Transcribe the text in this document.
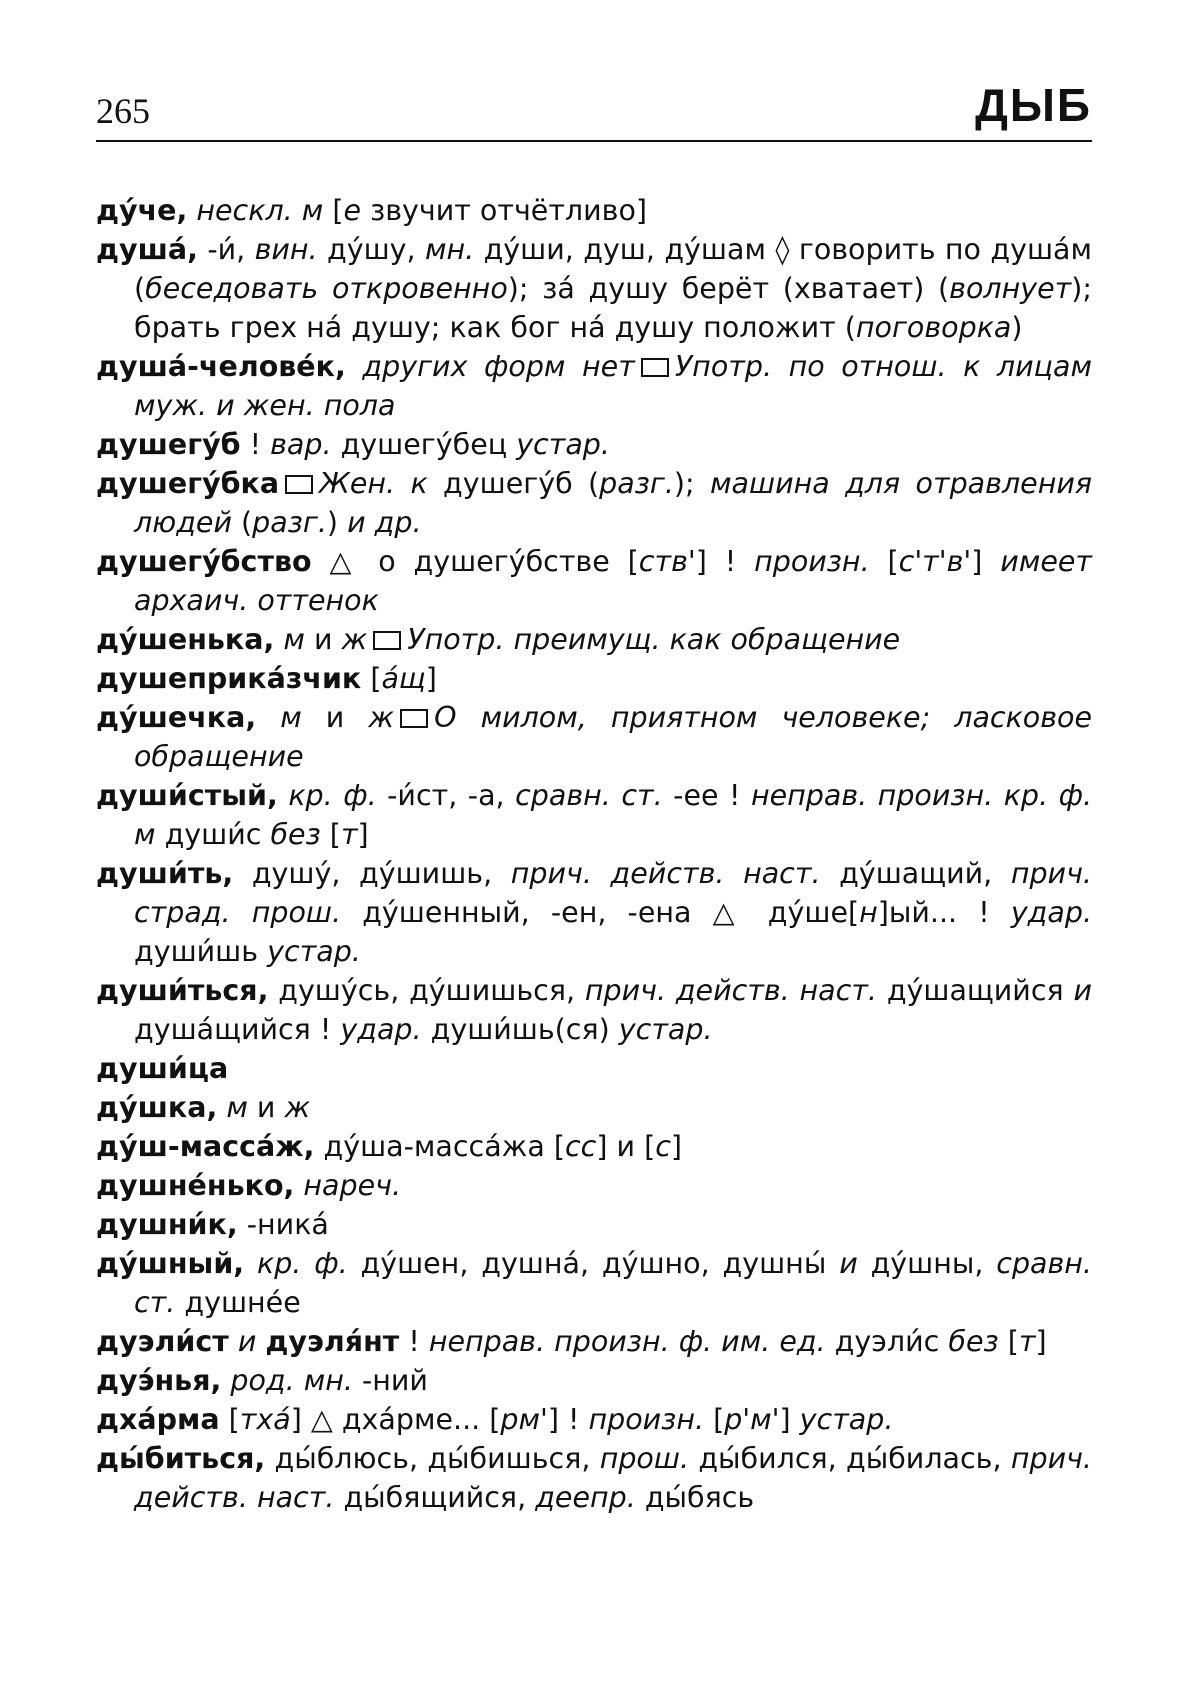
265	ДЫБ

ду́че, нескл. м [е звучит отчётливо]

душа́, -и́, вин. ду́шу, мн. ду́ши, душ, ду́шам ◊ говорить по душа́м (беседовать откровенно); за́ душу берёт (хватает) (волнует); брать грех на́ душу; как бог на́ душу положит (поговорка)

душа́-челове́к, других форм нет Употр. по отнош. к лицам муж. и жен. пола

душегу́б ! вар. душегу́бец устар.

душегу́бка Жен. к душегу́б (разг.); машина для отравления людей (разг.) и др.

душегу́бство △ о душегу́бстве [ств'] ! произн. [с'т'в'] имеет архаич. оттенок

ду́шенька, м и ж Употр. преимущ. как обращение

душеприка́зчик [а́щ]

ду́шечка, м и ж О милом, приятном человеке; ласковое обращение

души́стый, кр. ф. -и́ст, -а, сравн. ст. -ее ! неправ. произн. кр. ф. м души́с без [т]

души́ть, душу́, ду́шишь, прич. действ. наст. ду́шащий, прич. страд. прош. ду́шенный, -ен, -ена △ ду́ше[н]ый... ! удар. души́шь устар.

души́ться, душу́сь, ду́шишься, прич. действ. наст. ду́шащийся и душа́щийся ! удар. души́шь(ся) устар.

души́ца

ду́шка, м и ж

ду́ш-масса́ж, ду́ша-масса́жа [сс] и [с]

душне́нько, нареч.

душни́к, -ника́

ду́шный, кр. ф. ду́шен, душна́, ду́шно, душны́ и ду́шны, сравн. ст. душне́е

дуэли́ст и дуэля́нт ! неправ. произн. ф. им. ед. дуэли́с без [т]

дуэ́нья, род. мн. -ний

дха́рма [тха́] △ дха́рме... [рм'] ! произн. [р'м'] устар.

ды́биться, ды́блюсь, ды́бишься, прош. ды́бился, ды́билась, прич. действ. наст. ды́бящийся, деепр. ды́бясь
